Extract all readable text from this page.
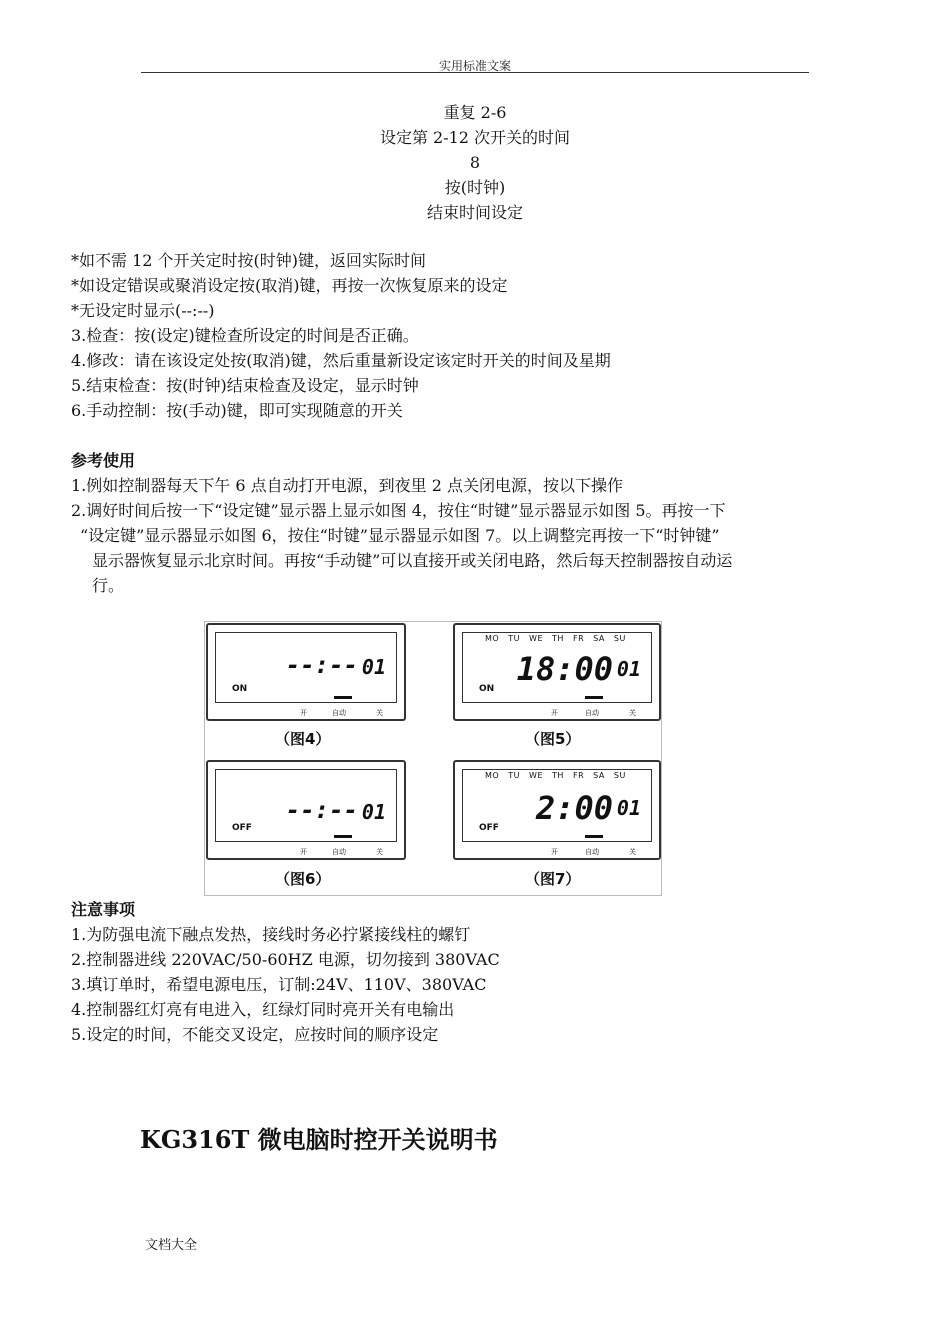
实用标准文案
重复 2-6
设定第 2-12 次开关的时间
8
按(时钟)
结束时间设定
*如不需 12 个开关定时按(时钟)键，返回实际时间
*如设定错误或聚消设定按(取消)键，再按一次恢复原来的设定
*无设定时显示(--:--)
3.检查：按(设定)键检查所设定的时间是否正确。
4.修改：请在该设定处按(取消)键，然后重量新设定该定时开关的时间及星期
5.结束检查：按(时钟)结束检查及设定，显示时钟
6.手动控制：按(手动)键，即可实现随意的开关
参考使用
1.例如控制器每天下午 6 点自动打开电源，到夜里 2 点关闭电源，按以下操作
2.调好时间后按一下“设定键”显示器上显示如图 4，按住“时键”显示器显示如图 5。再按一下
“设定键”显示器显示如图 6，按住“时键”显示器显示如图 7。以上调整完再按一下“时钟键”
显示器恢复显示北京时间。再按“手动键”可以直接开或关闭电路，然后每天控制器按自动运
行。
ON
--:-- 01
开	自动	关
（图4）
MO TU WE TH FR SA SU
ON
18:00 01
开	自动	关
（图5）
OFF
--:-- 01
开	自动	关
（图6）
MO TU WE TH FR SA SU
OFF
2:00 01
开	自动	关
（图7）
注意事项
1.为防强电流下融点发热，接线时务必拧紧接线柱的螺钉
2.控制器进线 220VAC/50-60HZ 电源，切勿接到 380VAC
3.填订单时，希望电源电压，订制:24V、110V、380VAC
4.控制器红灯亮有电进入，红绿灯同时亮开关有电输出
5.设定的时间，不能交叉设定，应按时间的顺序设定
KG316T 微电脑时控开关说明书
文档大全
